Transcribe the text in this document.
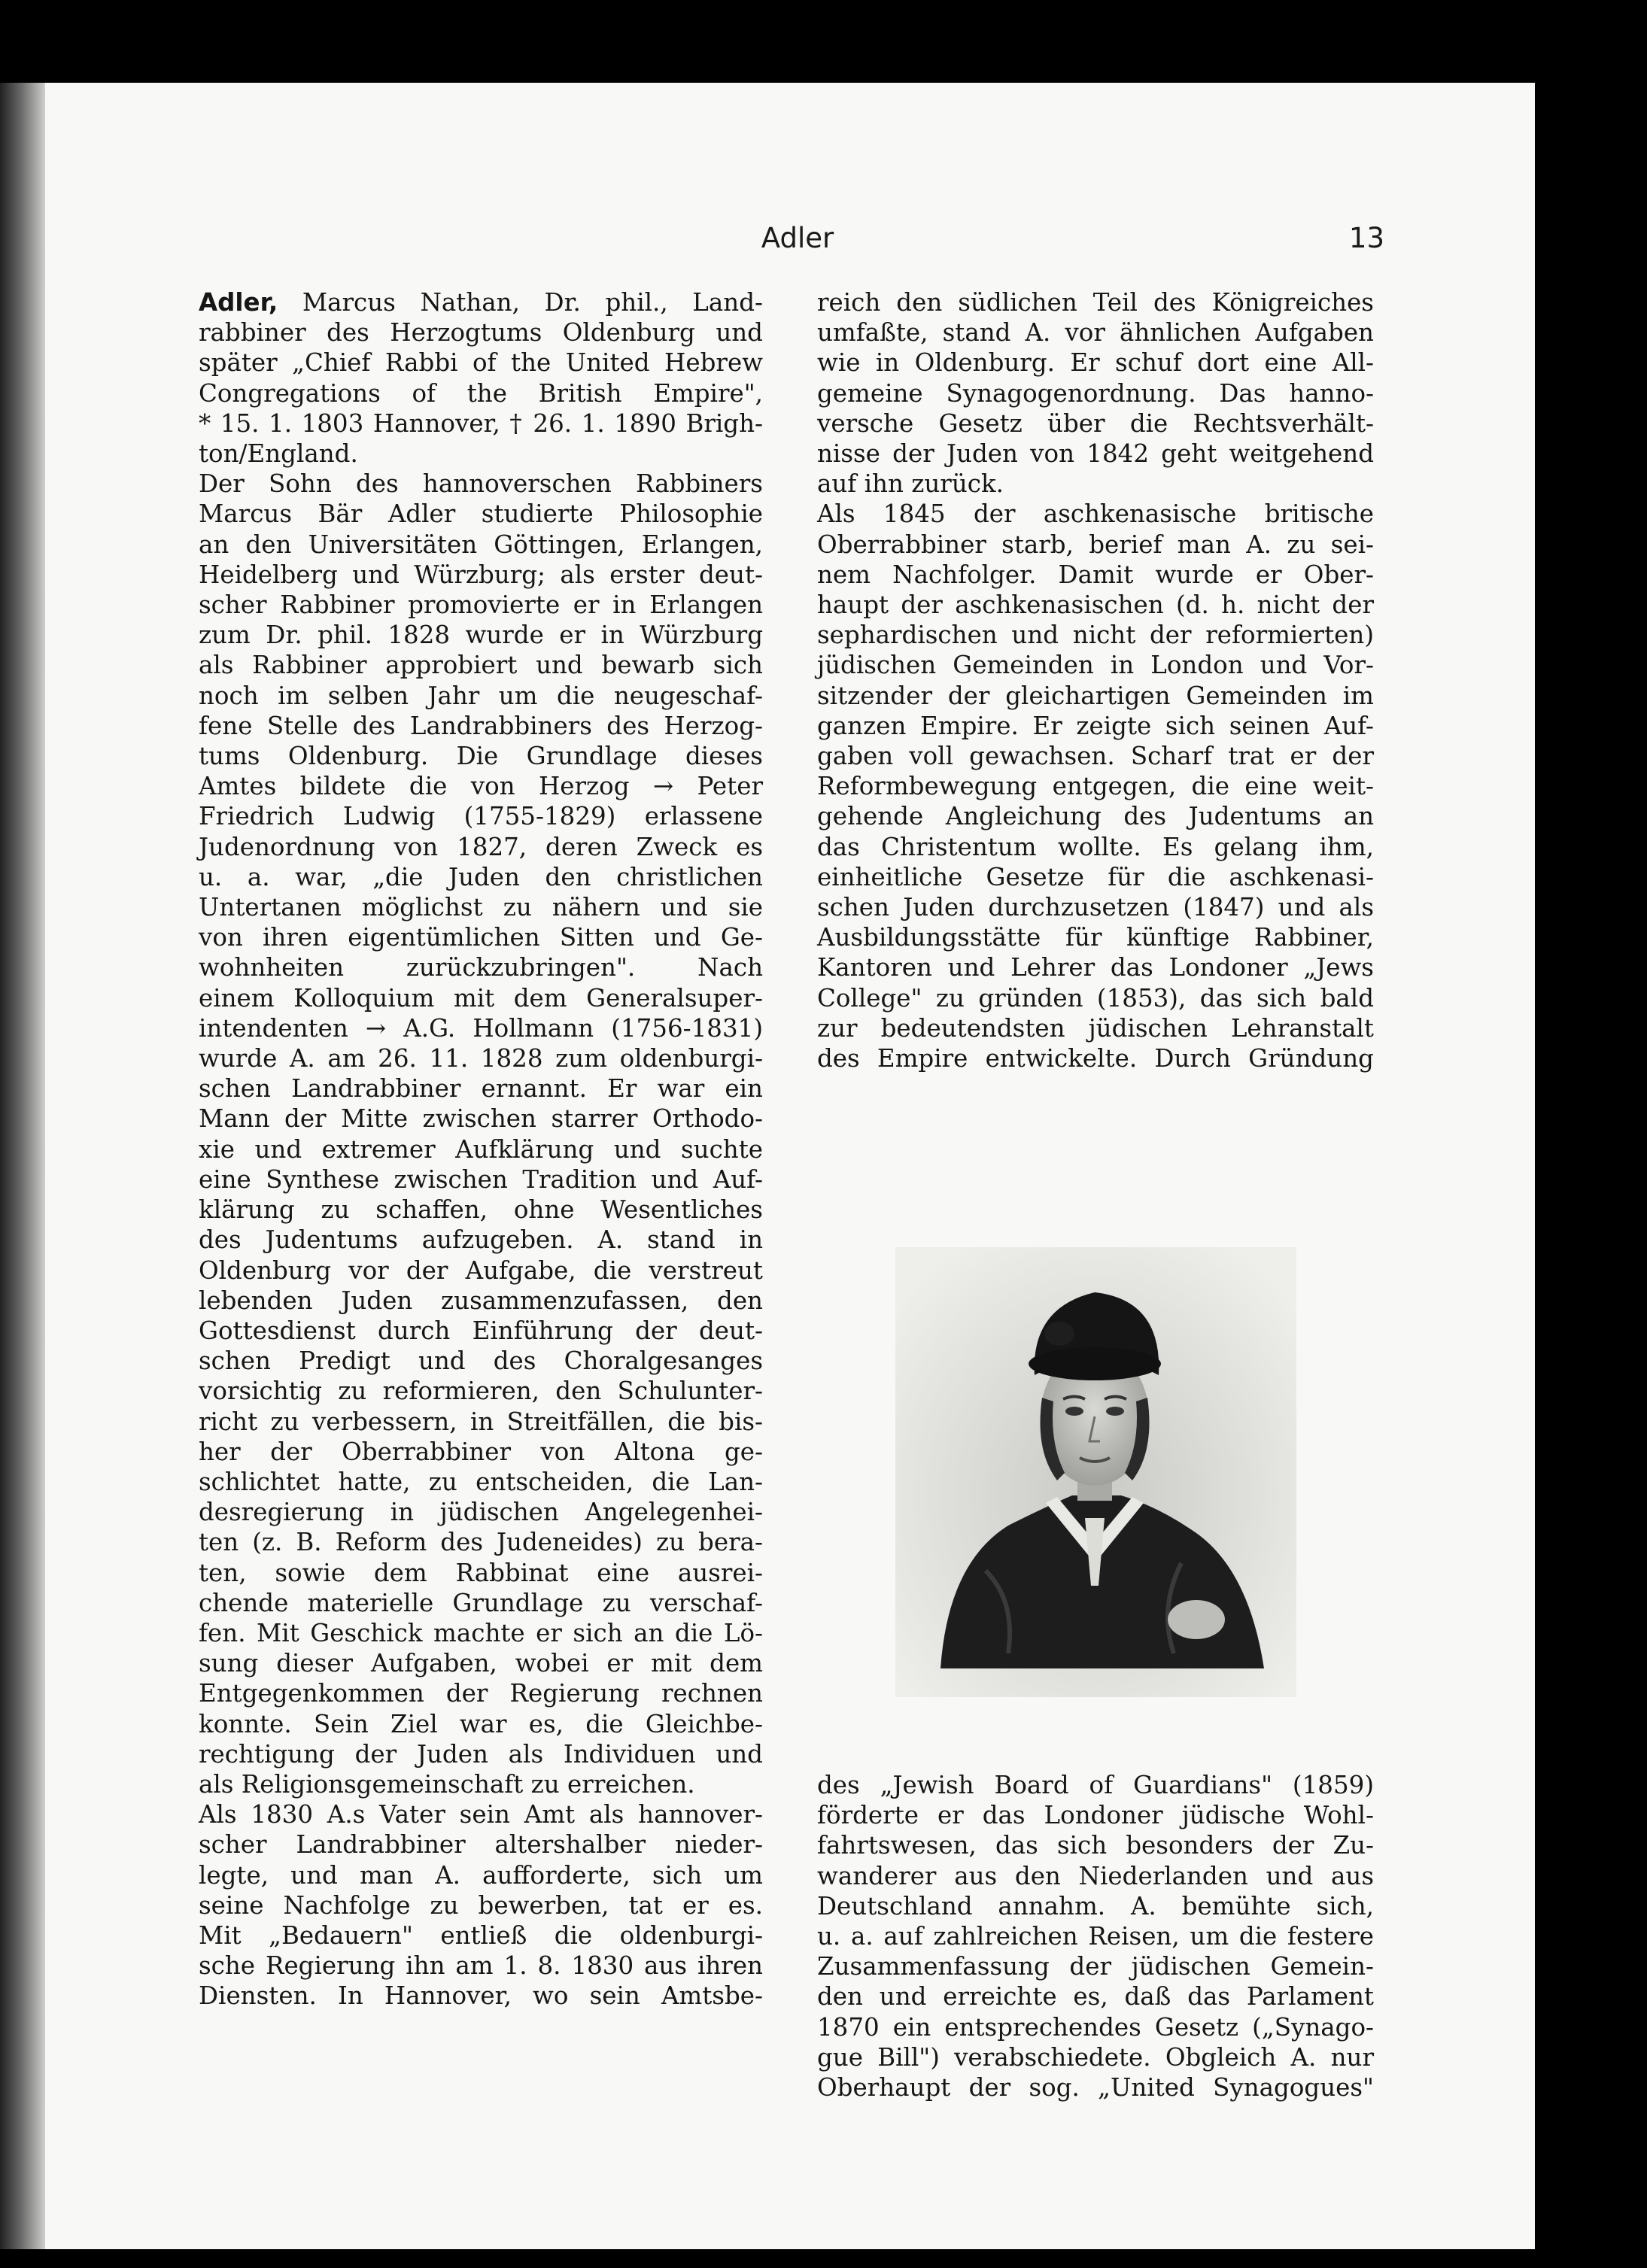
Adler	13

Adler, Marcus Nathan, Dr. phil., Land-

rabbiner des Herzogtums Oldenburg und

später „Chief Rabbi of the United Hebrew

Congregations of the British Empire",

* 15. 1. 1803 Hannover, † 26. 1. 1890 Brigh-

ton/England.

Der Sohn des hannoverschen Rabbiners

Marcus Bär Adler studierte Philosophie

an den Universitäten Göttingen, Erlangen,

Heidelberg und Würzburg; als erster deut-

scher Rabbiner promovierte er in Erlangen

zum Dr. phil. 1828 wurde er in Würzburg

als Rabbiner approbiert und bewarb sich

noch im selben Jahr um die neugeschaf-

fene Stelle des Landrabbiners des Herzog-

tums Oldenburg. Die Grundlage dieses

Amtes bildete die von Herzog → Peter

Friedrich Ludwig (1755-1829) erlassene

Judenordnung von 1827, deren Zweck es

u. a. war, „die Juden den christlichen

Untertanen möglichst zu nähern und sie

von ihren eigentümlichen Sitten und Ge-

wohnheiten zurückzubringen". Nach

einem Kolloquium mit dem Generalsuper-

intendenten → A.G. Hollmann (1756-1831)

wurde A. am 26. 11. 1828 zum oldenburgi-

schen Landrabbiner ernannt. Er war ein

Mann der Mitte zwischen starrer Orthodo-

xie und extremer Aufklärung und suchte

eine Synthese zwischen Tradition und Auf-

klärung zu schaffen, ohne Wesentliches

des Judentums aufzugeben. A. stand in

Oldenburg vor der Aufgabe, die verstreut

lebenden Juden zusammenzufassen, den

Gottesdienst durch Einführung der deut-

schen Predigt und des Choralgesanges

vorsichtig zu reformieren, den Schulunter-

richt zu verbessern, in Streitfällen, die bis-

her der Oberrabbiner von Altona ge-

schlichtet hatte, zu entscheiden, die Lan-

desregierung in jüdischen Angelegenhei-

ten (z. B. Reform des Judeneides) zu bera-

ten, sowie dem Rabbinat eine ausrei-

chende materielle Grundlage zu verschaf-

fen. Mit Geschick machte er sich an die Lö-

sung dieser Aufgaben, wobei er mit dem

Entgegenkommen der Regierung rechnen

konnte. Sein Ziel war es, die Gleichbe-

rechtigung der Juden als Individuen und

als Religionsgemeinschaft zu erreichen.

Als 1830 A.s Vater sein Amt als hannover-

scher Landrabbiner altershalber nieder-

legte, und man A. aufforderte, sich um

seine Nachfolge zu bewerben, tat er es.

Mit „Bedauern" entließ die oldenburgi-

sche Regierung ihn am 1. 8. 1830 aus ihren

Diensten. In Hannover, wo sein Amtsbe-

reich den südlichen Teil des Königreiches

umfaßte, stand A. vor ähnlichen Aufgaben

wie in Oldenburg. Er schuf dort eine All-

gemeine Synagogenordnung. Das hanno-

versche Gesetz über die Rechtsverhält-

nisse der Juden von 1842 geht weitgehend

auf ihn zurück.

Als 1845 der aschkenasische britische

Oberrabbiner starb, berief man A. zu sei-

nem Nachfolger. Damit wurde er Ober-

haupt der aschkenasischen (d. h. nicht der

sephardischen und nicht der reformierten)

jüdischen Gemeinden in London und Vor-

sitzender der gleichartigen Gemeinden im

ganzen Empire. Er zeigte sich seinen Auf-

gaben voll gewachsen. Scharf trat er der

Reformbewegung entgegen, die eine weit-

gehende Angleichung des Judentums an

das Christentum wollte. Es gelang ihm,

einheitliche Gesetze für die aschkenasi-

schen Juden durchzusetzen (1847) und als

Ausbildungsstätte für künftige Rabbiner,

Kantoren und Lehrer das Londoner „Jews

College" zu gründen (1853), das sich bald

zur bedeutendsten jüdischen Lehranstalt

des Empire entwickelte. Durch Gründung

des „Jewish Board of Guardians" (1859)

förderte er das Londoner jüdische Wohl-

fahrtswesen, das sich besonders der Zu-

wanderer aus den Niederlanden und aus

Deutschland annahm. A. bemühte sich,

u. a. auf zahlreichen Reisen, um die festere

Zusammenfassung der jüdischen Gemein-

den und erreichte es, daß das Parlament

1870 ein entsprechendes Gesetz („Synago-

gue Bill") verabschiedete. Obgleich A. nur

Oberhaupt der sog. „United Synagogues"
